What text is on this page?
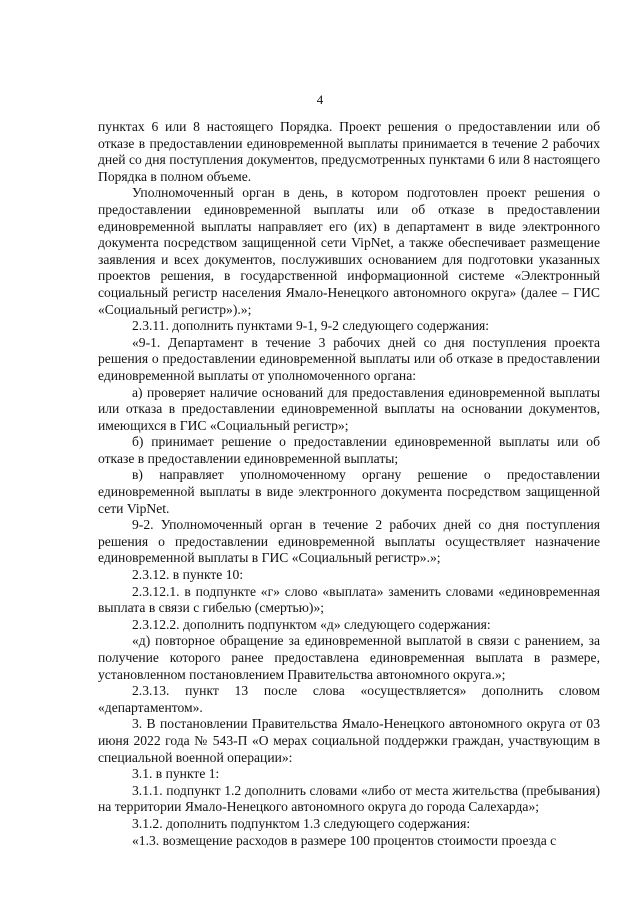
4

пунктах 6 или 8 настоящего Порядка. Проект решения о предоставлении или об отказе в предоставлении единовременной выплаты принимается в течение 2 рабочих дней со дня поступления документов, предусмотренных пунктами 6 или 8 настоящего Порядка в полном объеме.

Уполномоченный орган в день, в котором подготовлен проект решения о предоставлении единовременной выплаты или об отказе в предоставлении единовременной выплаты направляет его (их) в департамент в виде электронного документа посредством защищенной сети VipNet, а также обеспечивает размещение заявления и всех документов, послуживших основанием для подготовки указанных проектов решения, в государственной информационной системе «Электронный социальный регистр населения Ямало-Ненецкого автономного округа» (далее – ГИС «Социальный регистр»).»;

2.3.11. дополнить пунктами 9-1, 9-2 следующего содержания:

«9-1. Департамент в течение 3 рабочих дней со дня поступления проекта решения о предоставлении единовременной выплаты или об отказе в предоставлении единовременной выплаты от уполномоченного органа:

а) проверяет наличие оснований для предоставления единовременной выплаты или отказа в предоставлении единовременной выплаты на основании документов, имеющихся в ГИС «Социальный регистр»;

б) принимает решение о предоставлении единовременной выплаты или об отказе в предоставлении единовременной выплаты;

в) направляет уполномоченному органу решение о предоставлении единовременной выплаты в виде электронного документа посредством защищенной сети VipNet.

9-2. Уполномоченный орган в течение 2 рабочих дней со дня поступления решения о предоставлении единовременной выплаты осуществляет назначение единовременной выплаты в ГИС «Социальный регистр».»;

2.3.12. в пункте 10:

2.3.12.1. в подпункте «г» слово «выплата» заменить словами «единовременная выплата в связи с гибелью (смертью)»;

2.3.12.2. дополнить подпунктом «д» следующего содержания:

«д) повторное обращение за единовременной выплатой в связи с ранением, за получение которого ранее предоставлена единовременная выплата в размере, установленном постановлением Правительства автономного округа.»;

2.3.13. пункт 13 после слова «осуществляется» дополнить словом «департаментом».

3. В постановлении Правительства Ямало-Ненецкого автономного округа от 03 июня 2022 года № 543-П «О мерах социальной поддержки граждан, участвующим в специальной военной операции»:

3.1. в пункте 1:

3.1.1. подпункт 1.2 дополнить словами «либо от места жительства (пребывания) на территории Ямало-Ненецкого автономного округа до города Салехарда»;

3.1.2. дополнить подпунктом 1.3 следующего содержания:

«1.3. возмещение расходов в размере 100 процентов стоимости проезда с
